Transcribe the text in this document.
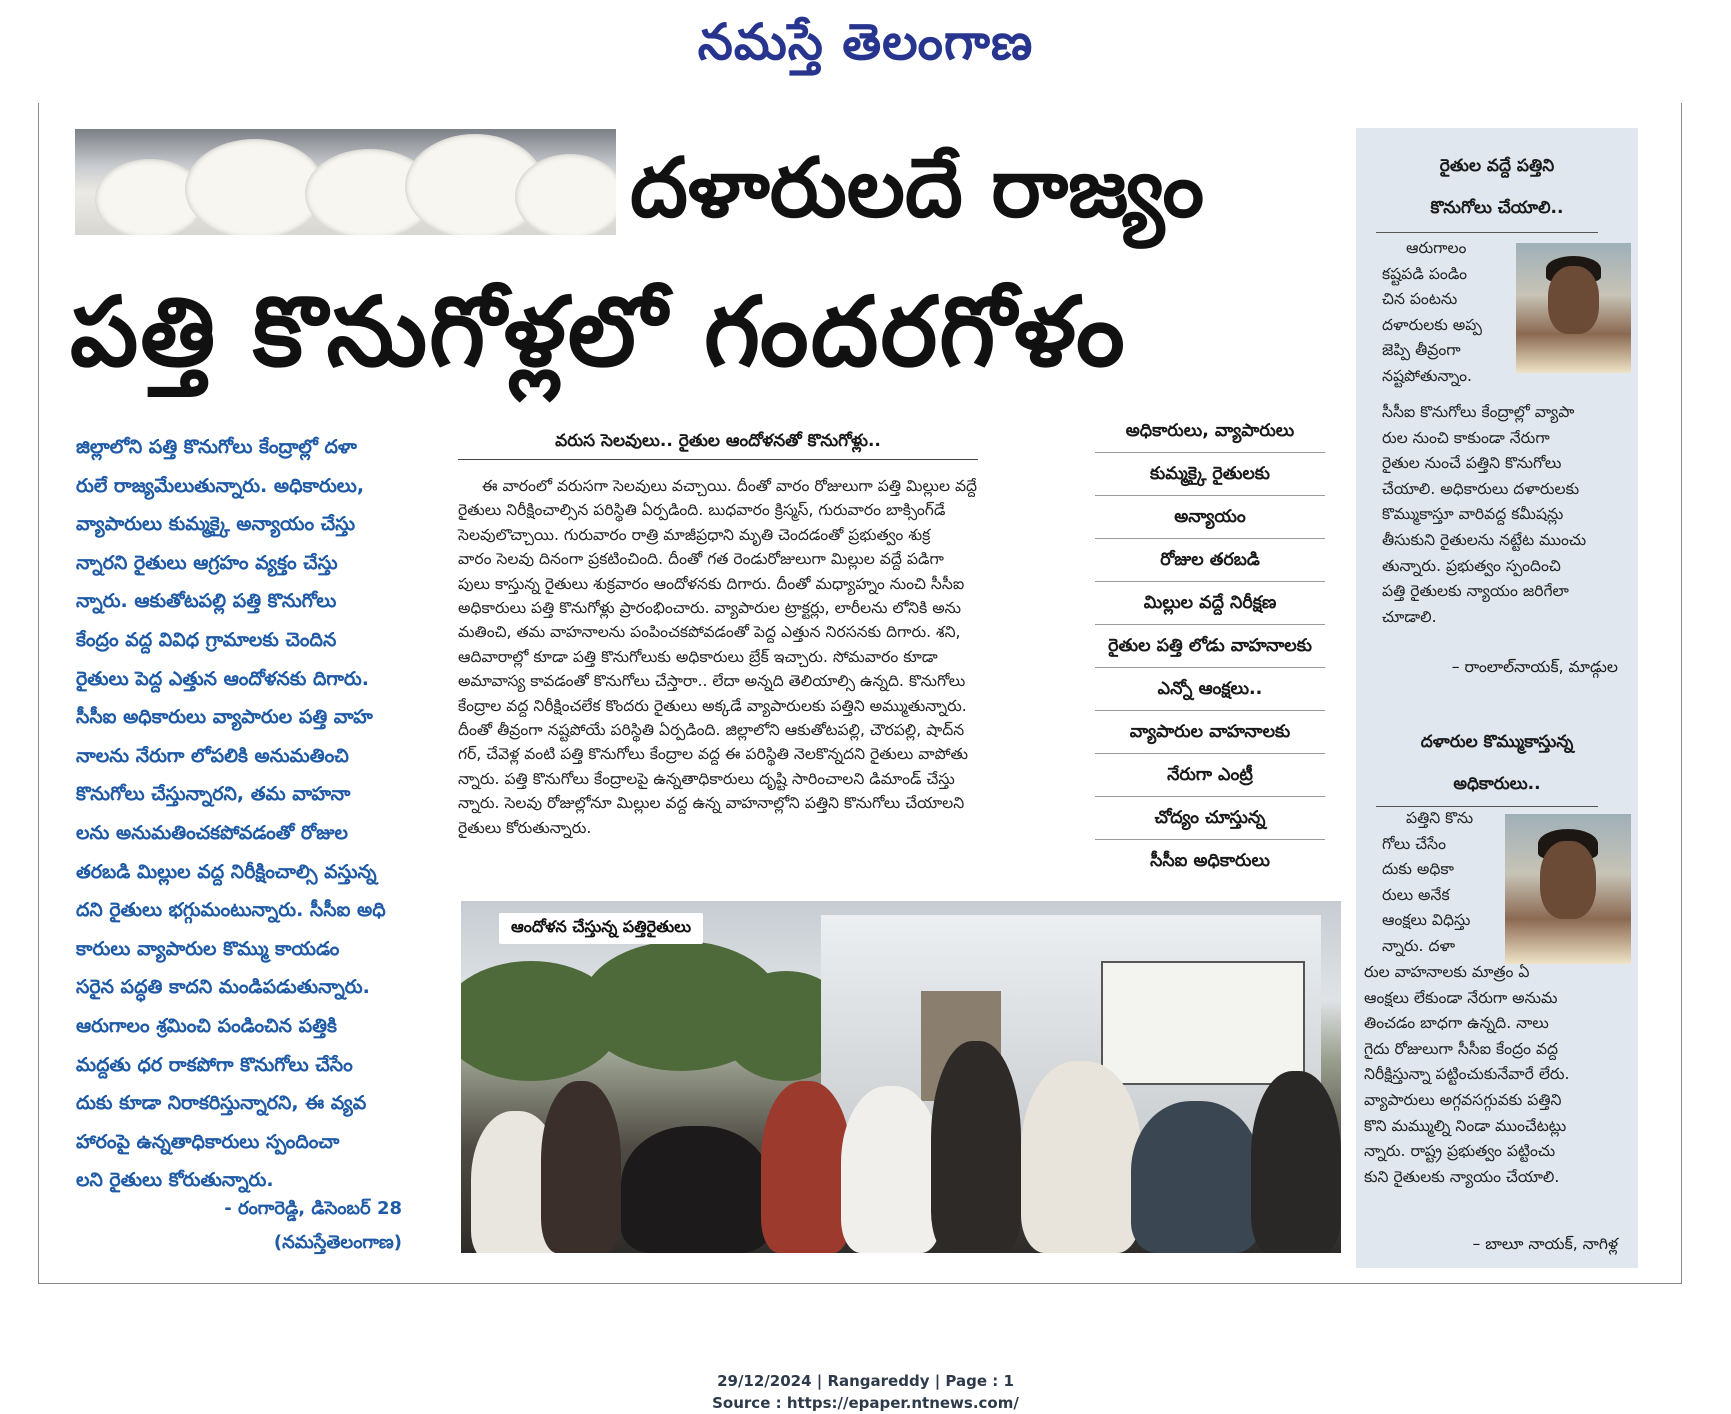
నమస్తే తెలంగాణ
దళారులదే రాజ్యం
పత్తి కొనుగోళ్లలో గందరగోళం
జిల్లాలోని పత్తి కొనుగోలు కేంద్రాల్లో దళా
రులే రాజ్యమేలుతున్నారు. అధికారులు,
వ్యాపారులు కుమ్మక్కై అన్యాయం చేస్తు
న్నారని రైతులు ఆగ్రహం వ్యక్తం చేస్తు
న్నారు. ఆకుతోటపల్లి పత్తి కొనుగోలు
కేంద్రం వద్ద వివిధ గ్రామాలకు చెందిన
రైతులు పెద్ద ఎత్తున ఆందోళనకు దిగారు.
సీసీఐ అధికారులు వ్యాపారుల పత్తి వాహ
నాలను నేరుగా లోపలికి అనుమతించి
కొనుగోలు చేస్తున్నారని, తమ వాహనా
లను అనుమతించకపోవడంతో రోజుల
తరబడి మిల్లుల వద్ద నిరీక్షించాల్సి వస్తున్న
దని రైతులు భగ్గుమంటున్నారు. సీసీఐ అధి
కారులు వ్యాపారుల కొమ్ము కాయడం
సరైన పద్ధతి కాదని మండిపడుతున్నారు.
ఆరుగాలం శ్రమించి పండించిన పత్తికి
మద్దతు ధర రాకపోగా కొనుగోలు చేసేం
దుకు కూడా నిరాకరిస్తున్నారని, ఈ వ్యవ
హారంపై ఉన్నతాధికారులు స్పందించా
లని రైతులు కోరుతున్నారు.
- రంగారెడ్డి, డిసెంబర్ 28
(నమస్తేతెలంగాణ)
వరుస సెలవులు.. రైతుల ఆందోళనతో కొనుగోళ్లు..
ఈ వారంలో వరుసగా సెలవులు వచ్చాయి. దీంతో వారం రోజులుగా పత్తి మిల్లుల వద్దే
రైతులు నిరీక్షించాల్సిన పరిస్థితి ఏర్పడింది. బుధవారం క్రిస్మస్, గురువారం బాక్సింగ్‌డే
సెలవులొచ్చాయి. గురువారం రాత్రి మాజీప్రధాని మృతి చెందడంతో ప్రభుత్వం శుక్ర
వారం సెలవు దినంగా ప్రకటించింది. దీంతో గత రెండురోజులుగా మిల్లుల వద్దే పడిగా
పులు కాస్తున్న రైతులు శుక్రవారం ఆందోళనకు దిగారు. దీంతో మధ్యాహ్నం నుంచి సీసీఐ
అధికారులు పత్తి కొనుగోళ్లు ప్రారంభించారు. వ్యాపారుల ట్రాక్టర్లు, లారీలను లోనికి అను
మతించి, తమ వాహనాలను పంపించకపోవడంతో పెద్ద ఎత్తున నిరసనకు దిగారు. శని,
ఆదివారాల్లో కూడా పత్తి కొనుగోలుకు అధికారులు బ్రేక్ ఇచ్చారు. సోమవారం కూడా
అమావాస్య కావడంతో కొనుగోలు చేస్తారా.. లేదా అన్నది తెలియాల్సి ఉన్నది. కొనుగోలు
కేంద్రాల వద్ద నిరీక్షించలేక కొందరు రైతులు అక్కడే వ్యాపారులకు పత్తిని అమ్ముతున్నారు.
దీంతో తీవ్రంగా నష్టపోయే పరిస్థితి ఏర్పడింది. జిల్లాలోని ఆకుతోటపల్లి, చౌరపల్లి, షాద్‌న
గర్, చేవెళ్ల వంటి పత్తి కొనుగోలు కేంద్రాల వద్ద ఈ పరిస్థితి నెలకొన్నదని రైతులు వాపోతు
న్నారు. పత్తి కొనుగోలు కేంద్రాలపై ఉన్నతాధికారులు దృష్టి సారించాలని డిమాండ్ చేస్తు
న్నారు. సెలవు రోజుల్లోనూ మిల్లుల వద్ద ఉన్న వాహనాల్లోని పత్తిని కొనుగోలు చేయాలని
రైతులు కోరుతున్నారు.
అధికారులు, వ్యాపారులు
కుమ్మక్కై రైతులకు
అన్యాయం
రోజుల తరబడి
మిల్లుల వద్దే నిరీక్షణ
రైతుల పత్తి లోడు వాహనాలకు
ఎన్నో ఆంక్షలు..
వ్యాపారుల వాహనాలకు
నేరుగా ఎంట్రీ
చోద్యం చూస్తున్న
సీసీఐ అధికారులు
ఆందోళన చేస్తున్న పత్తిరైతులు
రైతుల వద్దే పత్తిని
కొనుగోలు చేయాలి..
ఆరుగాలం
కష్టపడి పండిం
చిన పంటను
దళారులకు అప్ప
జెప్పి తీవ్రంగా
నష్టపోతున్నాం.
సీసీఐ కొనుగోలు కేంద్రాల్లో వ్యాపా
రుల నుంచి కాకుండా నేరుగా
రైతుల నుంచే పత్తిని కొనుగోలు
చేయాలి. అధికారులు దళారులకు
కొమ్ముకాస్తూ వారివద్ద కమీషన్లు
తీసుకుని రైతులను నట్టేట ముంచు
తున్నారు. ప్రభుత్వం స్పందించి
పత్తి రైతులకు న్యాయం జరిగేలా
చూడాలి.
– రాంలాల్‌నాయక్, మాడ్గుల
దళారుల కొమ్ముకాస్తున్న
అధికారులు..
పత్తిని కొను
గోలు చేసేం
దుకు అధికా
రులు అనేక
ఆంక్షలు విధిస్తు
న్నారు. దళా
రుల వాహనాలకు మాత్రం ఏ
ఆంక్షలు లేకుండా నేరుగా అనుమ
తించడం బాధగా ఉన్నది. నాలు
గైదు రోజులుగా సీసీఐ కేంద్రం వద్ద
నిరీక్షిస్తున్నా పట్టించుకునేవారే లేరు.
వ్యాపారులు అగ్గవసగ్గువకు పత్తిని
కొని మమ్ముల్ని నిండా ముంచేటట్లు
న్నారు. రాష్ట్ర ప్రభుత్వం పట్టించు
కుని రైతులకు న్యాయం చేయాలి.
– బాలూ నాయక్, నాగిళ్ల
29/12/2024 | Rangareddy | Page : 1
Source : https://epaper.ntnews.com/
